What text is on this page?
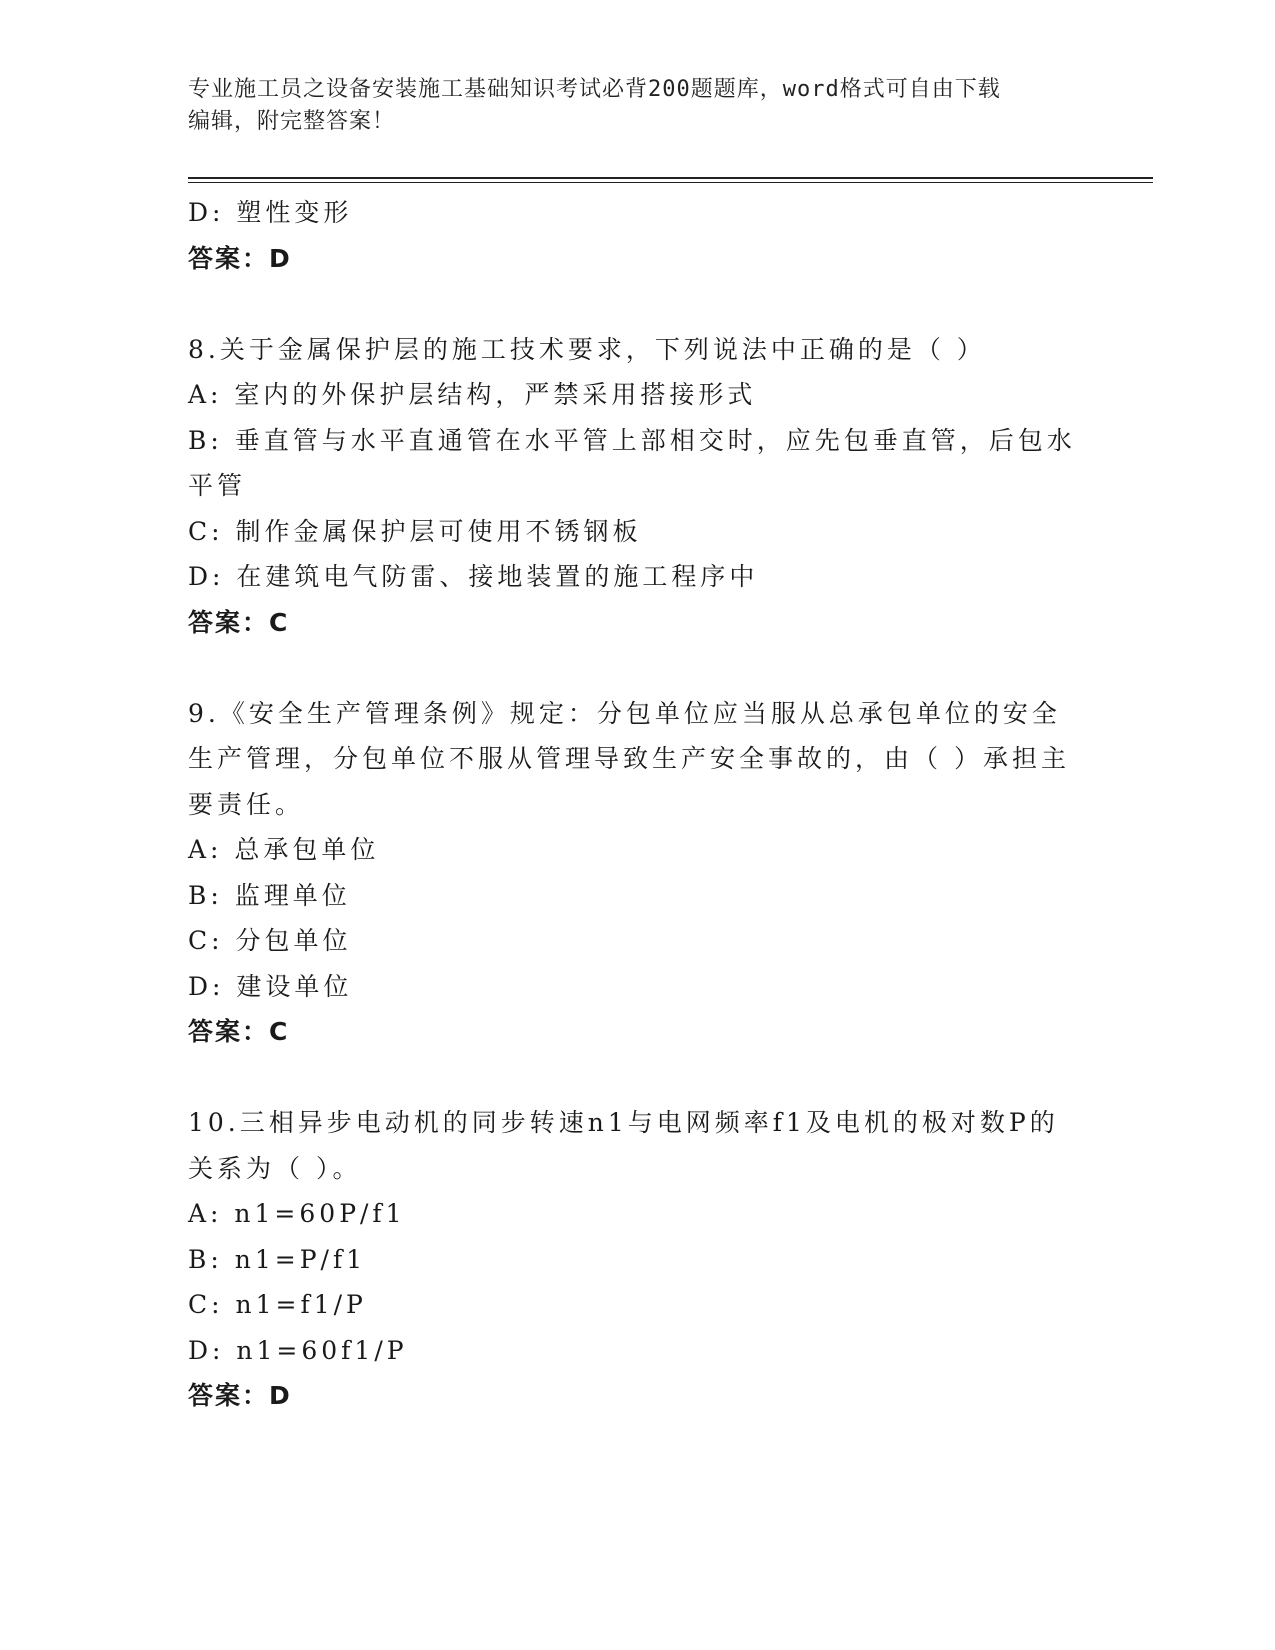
专业施工员之设备安装施工基础知识考试必背200题题库，word格式可自由下载
编辑，附完整答案！

D: 塑性变形

答案：D

8.关于金属保护层的施工技术要求，下列说法中正确的是（ ）

A: 室内的外保护层结构，严禁采用搭接形式

B: 垂直管与水平直通管在水平管上部相交时，应先包垂直管，后包水

平管

C: 制作金属保护层可使用不锈钢板

D: 在建筑电气防雷、接地装置的施工程序中

答案：C

9.《安全生产管理条例》规定：分包单位应当服从总承包单位的安全

生产管理，分包单位不服从管理导致生产安全事故的，由（ ）承担主

要责任。

A: 总承包单位

B: 监理单位

C: 分包单位

D: 建设单位

答案：C

10.三相异步电动机的同步转速n1与电网频率f1及电机的极对数P的

关系为（ ）。

A: n1=60P/f1

B: n1=P/f1

C: n1=f1/P

D: n1=60f1/P

答案：D
